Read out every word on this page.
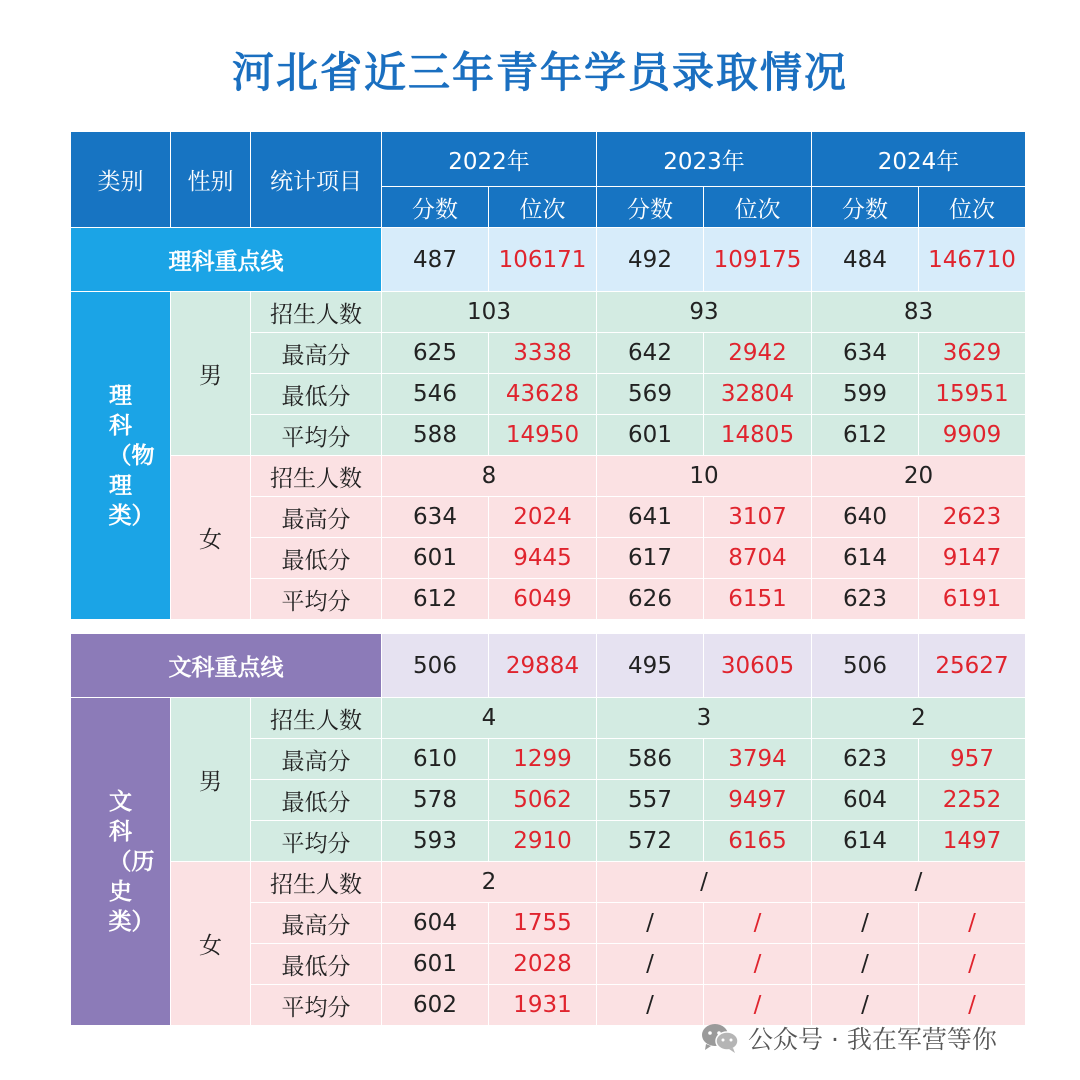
河北省近三年青年学员录取情况
类别	性别	统计项目	2022年		2023年		2024年	
			分数	位次	分数	位次	分数	位次
理科重点线			487	106171	492	109175	484	146710
理科（物理类）	男	招生人数	103		93		83	
		最高分	625	3338	642	2942	634	3629
		最低分	546	43628	569	32804	599	15951
		平均分	588	14950	601	14805	612	9909
	女	招生人数	8		10		20	
		最高分	634	2024	641	3107	640	2623
		最低分	601	9445	617	8704	614	9147
		平均分	612	6049	626	6151	623	6191

文科重点线			506	29884	495	30605	506	25627
文科（历史类）	男	招生人数	4		3		2	
		最高分	610	1299	586	3794	623	957
		最低分	578	5062	557	9497	604	2252
		平均分	593	2910	572	6165	614	1497
	女	招生人数	2		/		/	
		最高分	604	1755	/	/	/	/
		最低分	601	2028	/	/	/	/
		平均分	602	1931	/	/	/	/
公众号 · 我在军营等你
